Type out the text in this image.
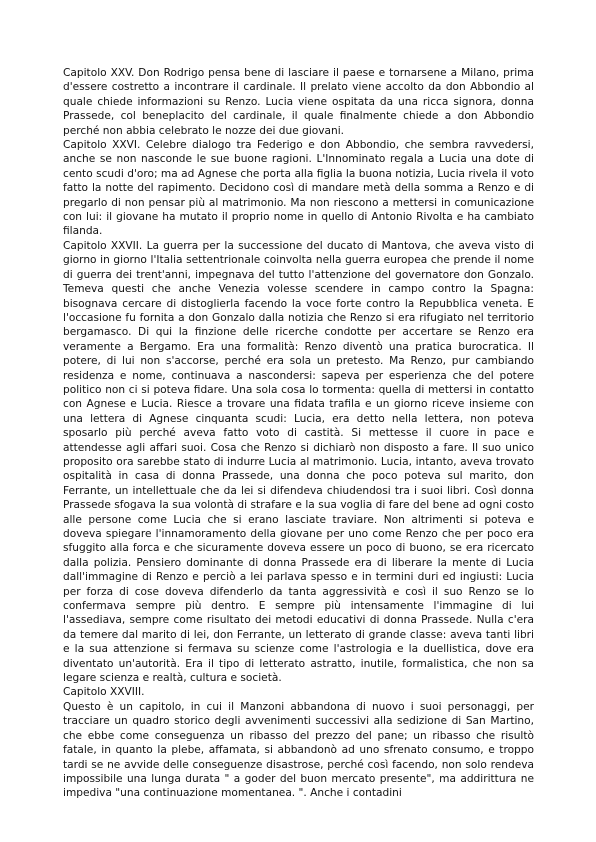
Capitolo XXV. Don Rodrigo pensa bene di lasciare il paese e tornarsene a Milano, prima d'essere costretto a incontrare il cardinale. Il prelato viene accolto da don Abbondio al quale chiede informazioni su Renzo. Lucia viene ospitata da una ricca signora, donna Prassede, col beneplacito del cardinale, il quale finalmente chiede a don Abbondio perché non abbia celebrato le nozze dei due giovani.

Capitolo XXVI. Celebre dialogo tra Federigo e don Abbondio, che sembra ravvedersi, anche se non nasconde le sue buone ragioni. L'Innominato regala a Lucia una dote di cento scudi d'oro; ma ad Agnese che porta alla figlia la buona notizia, Lucia rivela il voto fatto la notte del rapimento. Decidono così di mandare metà della somma a Renzo e di pregarlo di non pensar più al matrimonio. Ma non riescono a mettersi in comunicazione con lui: il giovane ha mutato il proprio nome in quello di Antonio Rivolta e ha cambiato filanda.

Capitolo XXVII. La guerra per la successione del ducato di Mantova, che aveva visto di giorno in giorno l'Italia settentrionale coinvolta nella guerra europea che prende il nome di guerra dei trent'anni, impegnava del tutto l'attenzione del governatore don Gonzalo. Temeva questi che anche Venezia volesse scendere in campo contro la Spagna: bisognava cercare di distoglierla facendo la voce forte contro la Repubblica veneta. E l'occasione fu fornita a don Gonzalo dalla notizia che Renzo si era rifugiato nel territorio bergamasco. Di qui la finzione delle ricerche condotte per accertare se Renzo era veramente a Bergamo. Era una formalità: Renzo diventò una pratica burocratica. Il potere, di lui non s'accorse, perché era sola un pretesto. Ma Renzo, pur cambiando residenza e nome, continuava a nascondersi: sapeva per esperienza che del potere politico non ci si poteva fidare. Una sola cosa lo tormenta: quella di mettersi in contatto con Agnese e Lucia. Riesce a trovare una fidata trafila e un giorno riceve insieme con una lettera di Agnese cinquanta scudi: Lucia, era detto nella lettera, non poteva sposarlo più perché aveva fatto voto di castità. Si mettesse il cuore in pace e attendesse agli affari suoi. Cosa che Renzo si dichiarò non disposto a fare. Il suo unico proposito ora sarebbe stato di indurre Lucia al matrimonio. Lucia, intanto, aveva trovato ospitalità in casa di donna Prassede, una donna che poco poteva sul marito, don Ferrante, un intellettuale che da lei si difendeva chiudendosi tra i suoi libri. Così donna Prassede sfogava la sua volontà di strafare e la sua voglia di fare del bene ad ogni costo alle persone come Lucia che si erano lasciate traviare. Non altrimenti si poteva e doveva spiegare l'innamoramento della giovane per uno come Renzo che per poco era sfuggito alla forca e che sicuramente doveva essere un poco di buono, se era ricercato dalla polizia. Pensiero dominante di donna Prassede era di liberare la mente di Lucia dall'immagine di Renzo e perciò a lei parlava spesso e in termini duri ed ingiusti: Lucia per forza di cose doveva difenderlo da tanta aggressività e così il suo Renzo se lo confermava sempre più dentro. E sempre più intensamente l'immagine di lui l'assediava, sempre come risultato dei metodi educativi di donna Prassede. Nulla c'era da temere dal marito di lei, don Ferrante, un letterato di grande classe: aveva tanti libri e la sua attenzione si fermava su scienze come l'astrologia e la duellistica, dove era diventato un'autorità. Era il tipo di letterato astratto, inutile, formalistica, che non sa legare scienza e realtà, cultura e società.

Capitolo XXVIII.

Questo è un capitolo, in cui il Manzoni abbandona di nuovo i suoi personaggi, per tracciare un quadro storico degli avvenimenti successivi alla sedizione di San Martino, che ebbe come conseguenza un ribasso del prezzo del pane; un ribasso che risultò fatale, in quanto la plebe, affamata, si abbandonò ad uno sfrenato consumo, e troppo tardi se ne avvide delle conseguenze disastrose, perché così facendo, non solo rendeva impossibile una lunga durata " a goder del buon mercato presente", ma addirittura ne impediva "una continuazione momentanea. ". Anche i contadini
